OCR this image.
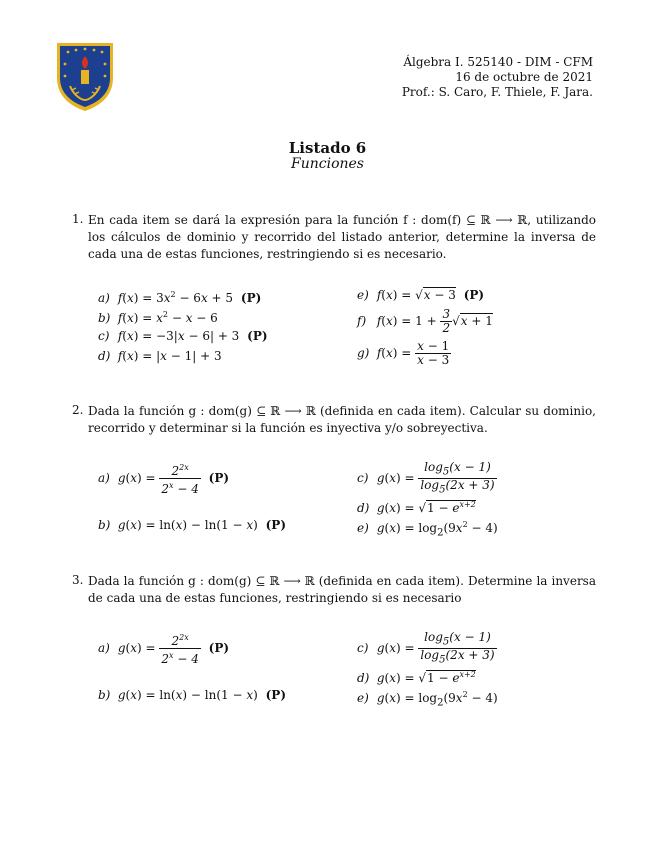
Álgebra I. 525140 - DIM - CFM
16 de octubre de 2021
Prof.: S. Caro, F. Thiele, F. Jara.
Listado 6
Funciones
1. En cada item se dará la expresión para la función f : dom(f) ⊆ ℝ ⟶ ℝ, utilizando los cálculos de dominio y recorrido del listado anterior, determine la inversa de cada una de estas funciones, restringiendo si es necesario.
a) $f(x) = 3x^2 - 6x + 5$ (P)
b) $f(x) = x^2 - x - 6$
c) f(x) = −3|x − 6| + 3 (P)
d) f(x) = |x − 1| + 3
e) f(x) = √x − 3 (P)
f) $f(x) = 1 + \frac{3}{2} √x + 1$
g) $f(x) = \frac{x - 1}{x - 3}$
2. Dada la función g : dom(g) ⊆ ℝ ⟶ ℝ (definida en cada item). Calcular su dominio, recorrido y determinar si la función es inyectiva y/o sobreyectiva.
a) $g(x) = \frac{2^{2x}}{2^x - 4} (P)$
b) g(x) = ln(x) − ln(1 − x) (P)
c) $g(x) = \frac{\log_5(x - 1)}{\log_5(2x + 3)}$
d) $g(x) = √1 - e^{x+2}$
e) $g(x) = \log_2(9x^2 - 4)$
3. Dada la función g : dom(g) ⊆ ℝ ⟶ ℝ (definida en cada item). Determine la inversa de cada una de estas funciones, restringiendo si es necesario
a) $g(x) = \frac{2^{2x}}{2^x - 4} (P)$
b) g(x) = ln(x) − ln(1 − x) (P)
c) $g(x) = \frac{\log_5(x - 1)}{\log_5(2x + 3)}$
d) $g(x) = √1 - e^{x+2}$
e) $g(x) = \log_2(9x^2 - 4)$
